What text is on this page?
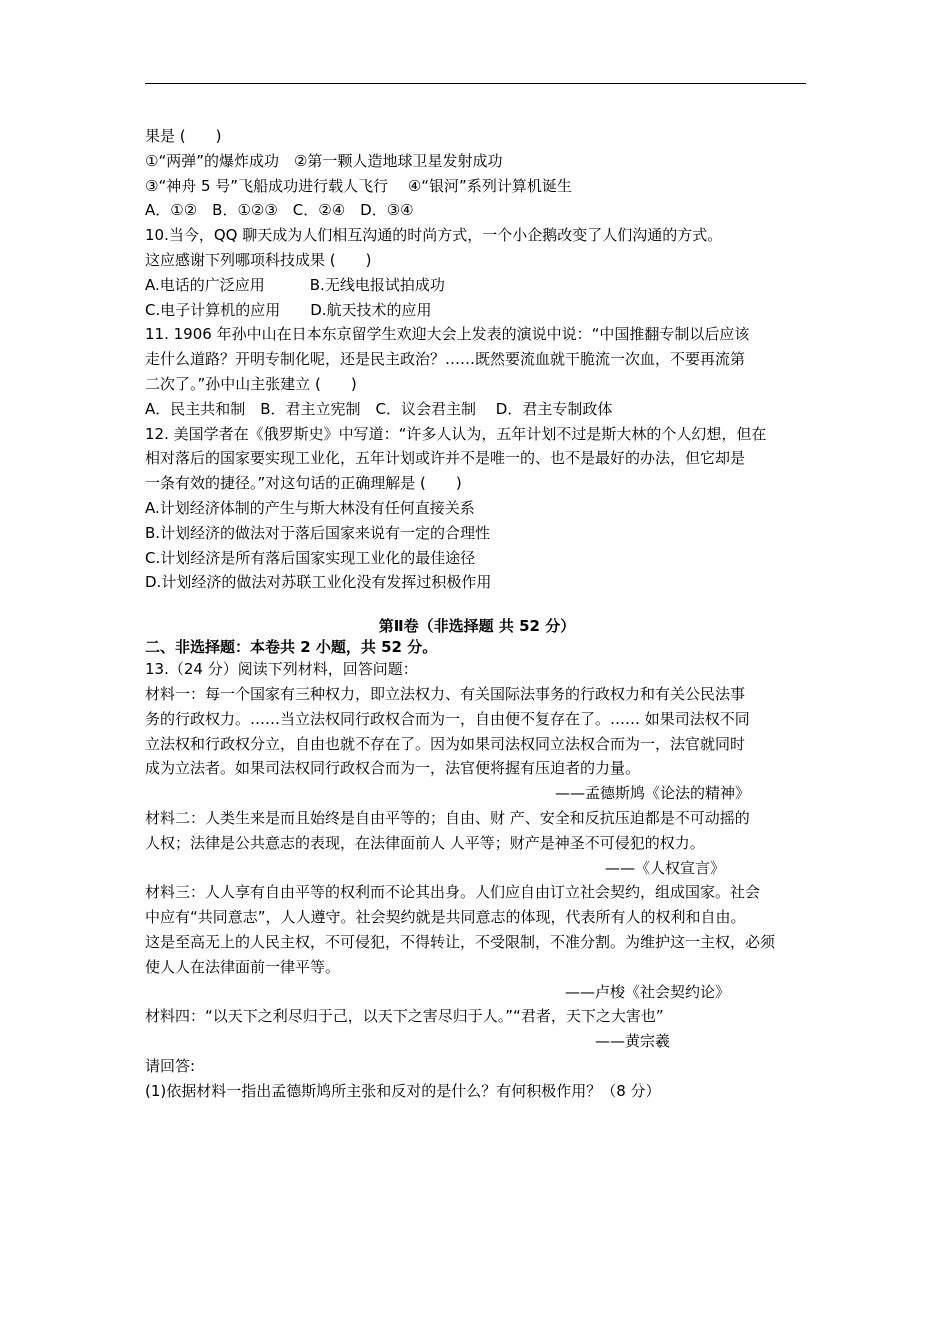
果是 (　　)
①“两弹”的爆炸成功　②第一颗人造地球卫星发射成功
③“神舟 5 号”飞船成功进行载人飞行　 ④“银河”系列计算机诞生
A．①②　B．①②③　C．②④　D．③④
10.当今，QQ 聊天成为人们相互沟通的时尚方式，一个小企鹅改变了人们沟通的方式。
这应感谢下列哪项科技成果 (　　)
A.电话的广泛应用　　　B.无线电报试拍成功
C.电子计算机的应用　　D.航天技术的应用
11. 1906 年孙中山在日本东京留学生欢迎大会上发表的演说中说：“中国推翻专制以后应该
走什么道路？开明专制化呢，还是民主政治？……既然要流血就干脆流一次血，不要再流第
二次了。”孙中山主张建立 (　　)
A．民主共和制　B．君主立宪制　C．议会君主制　 D．君主专制政体
12. 美国学者在《俄罗斯史》中写道：“许多人认为，五年计划不过是斯大林的个人幻想，但在
相对落后的国家要实现工业化，五年计划或许并不是唯一的、也不是最好的办法，但它却是
一条有效的捷径。”对这句话的正确理解是 (　　)
A.计划经济体制的产生与斯大林没有任何直接关系
B.计划经济的做法对于落后国家来说有一定的合理性
C.计划经济是所有落后国家实现工业化的最佳途径
D.计划经济的做法对苏联工业化没有发挥过积极作用
第Ⅱ卷（非选择题 共 52 分）
二、非选择题：本卷共 2 小题，共 52 分。
13.（24 分）阅读下列材料，回答问题：
材料一：每一个国家有三种权力，即立法权力、有关国际法事务的行政权力和有关公民法事
务的行政权力。……当立法权同行政权合而为一，自由便不复存在了。…… 如果司法权不同
立法权和行政权分立，自由也就不存在了。因为如果司法权同立法权合而为一，法官就同时
成为立法者。如果司法权同行政权合而为一，法官便将握有压迫者的力量。
——孟德斯鸠《论法的精神》
材料二：人类生来是而且始终是自由平等的；自由、财 产、安全和反抗压迫都是不可动摇的
人权；法律是公共意志的表现，在法律面前人 人平等；财产是神圣不可侵犯的权力。
——《人权宣言》
材料三：人人享有自由平等的权利而不论其出身。人们应自由订立社会契约，组成国家。社会
中应有“共同意志”，人人遵守。社会契约就是共同意志的体现，代表所有人的权利和自由。
这是至高无上的人民主权，不可侵犯，不得转让，不受限制，不准分割。为维护这一主权，必须
使人人在法律面前一律平等。
——卢梭《社会契约论》
材料四：“以天下之利尽归于己，以天下之害尽归于人。”“君者，天下之大害也”
——黄宗羲
请回答:
(1)依据材料一指出孟德斯鸠所主张和反对的是什么？有何积极作用？（8 分）
